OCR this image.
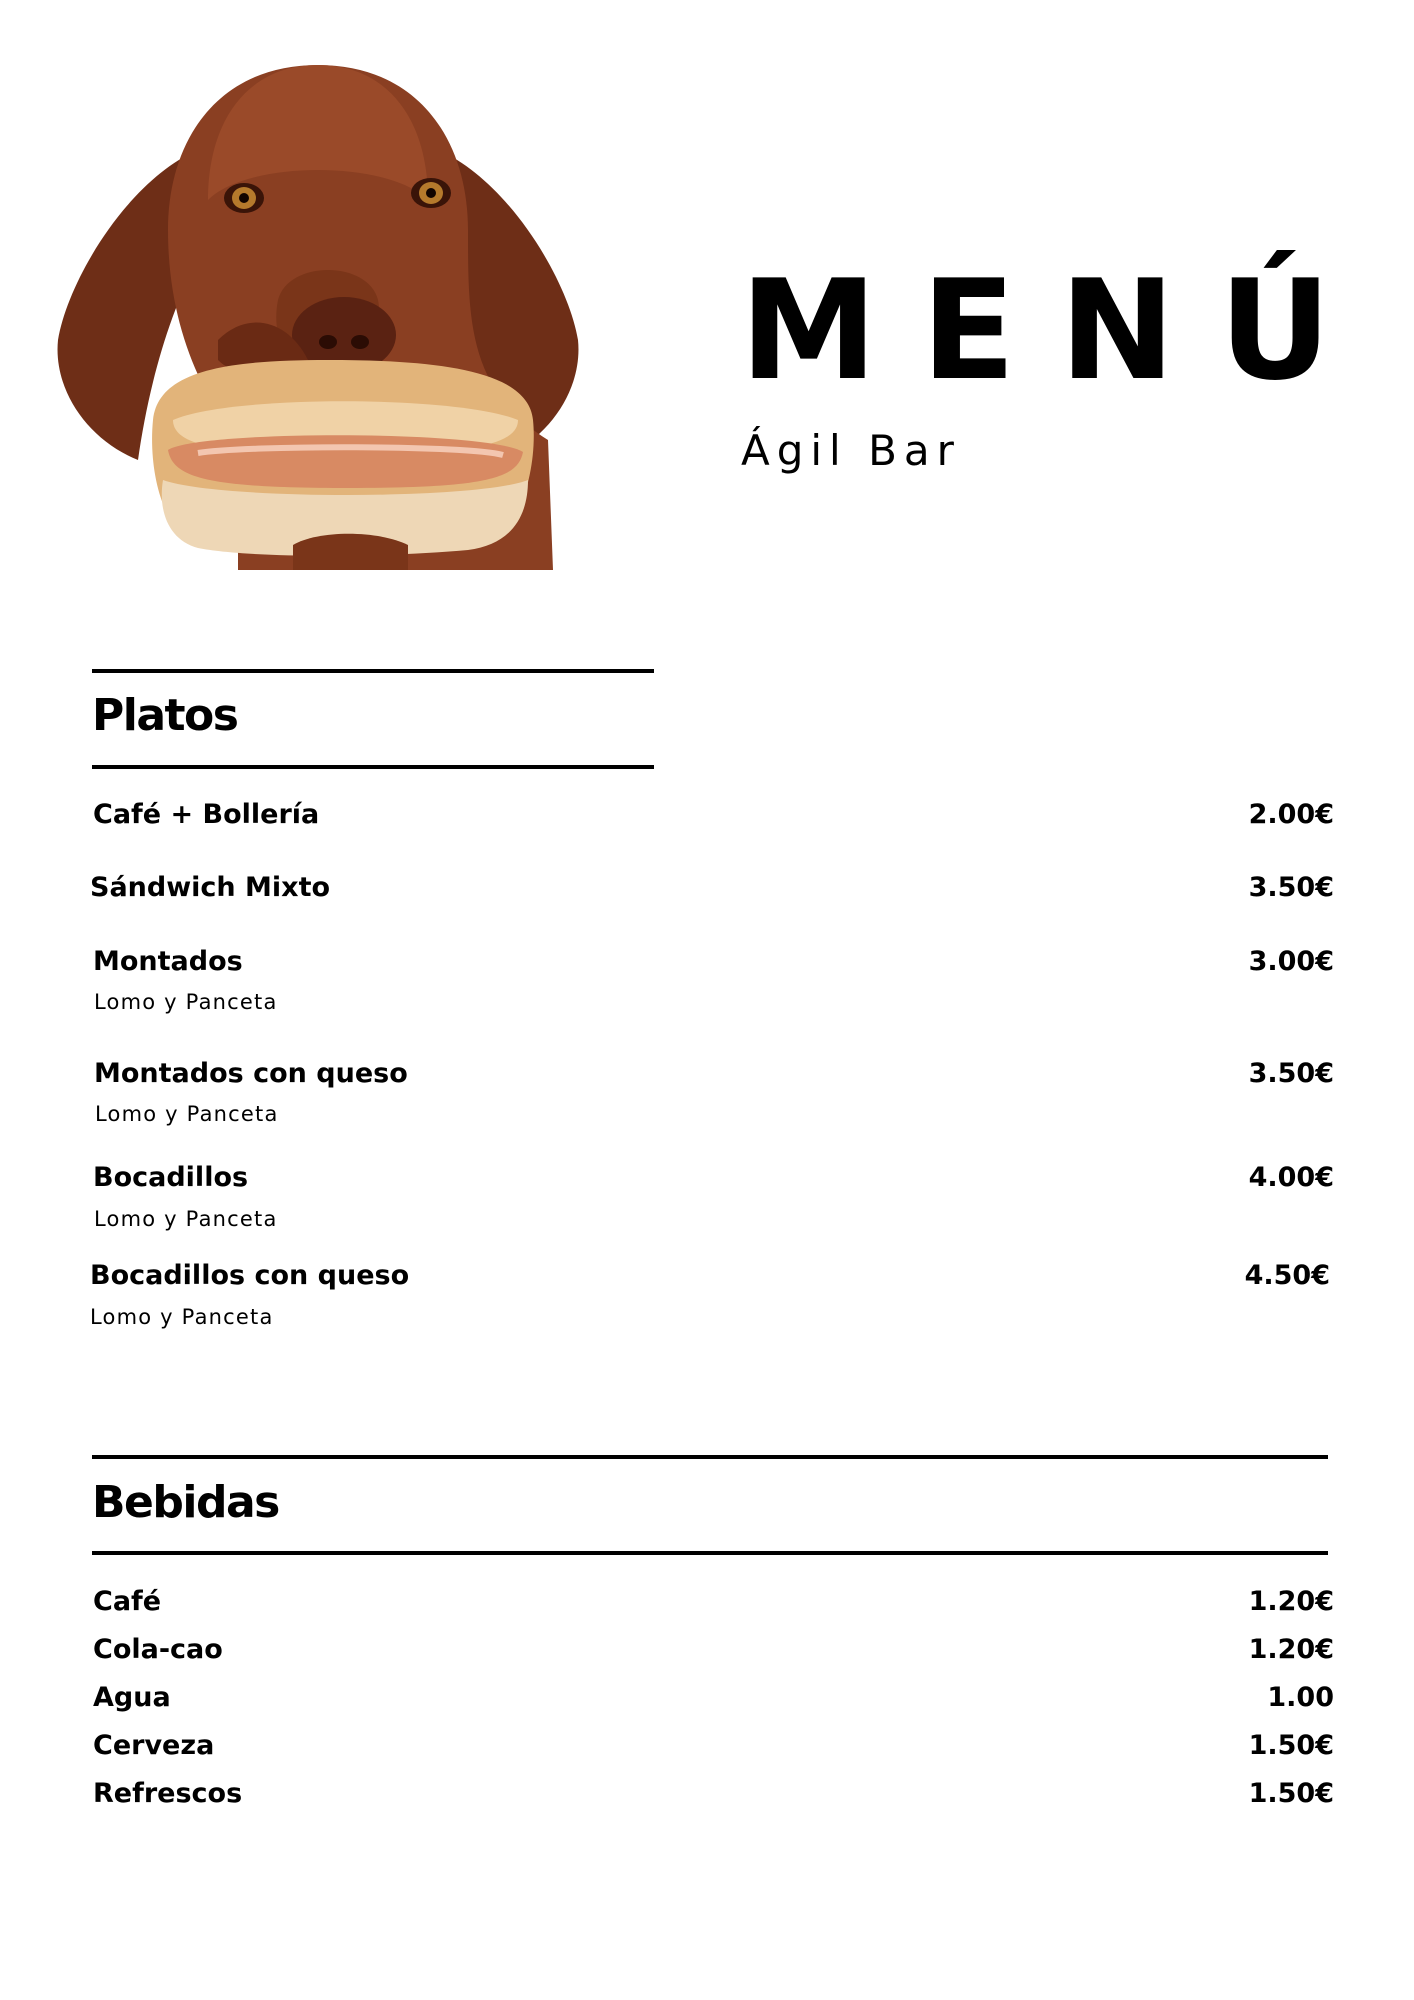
MENÚ
Ágil Bar
Platos
Café + Bollería	2.00€
Sándwich Mixto	3.50€
Montados	3.00€
Lomo y Panceta
Montados con queso	3.50€
Lomo y Panceta
Bocadillos	4.00€
Lomo y Panceta
Bocadillos con queso	4.50€
Lomo y Panceta
Bebidas
Café	1.20€
Cola-cao	1.20€
Agua	1.00
Cerveza	1.50€
Refrescos	1.50€
